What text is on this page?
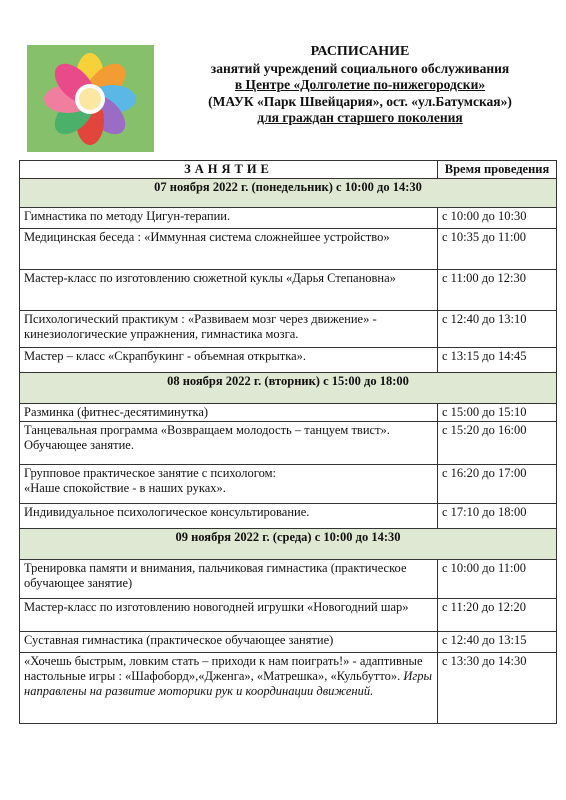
РАСПИСАНИЕ
занятий учреждений социального обслуживания
в Центре «Долголетие по-нижегородски»
(МАУК «Парк Швейцария», ост. «ул.Батумская»)
для граждан старшего поколения
ЗАНЯТИЕ	Время проведения
07 ноября 2022 г. (понедельник) с 10:00 до 14:30	
Гимнастика по методу Цигун-терапии.	с 10:00 до 10:30
Медицинская беседа : «Иммунная система сложнейшее устройство»	с 10:35 до 11:00
Мастер-класс по изготовлению сюжетной куклы «Дарья Степановна»	с 11:00 до 12:30
Психологический практикум : «Развиваем мозг через движение» - кинезиологические упражнения, гимнастика мозга.	с 12:40 до 13:10
Мастер – класс «Скрапбукинг - объемная открытка».	с 13:15 до 14:45
08 ноября 2022 г. (вторник) с 15:00 до 18:00	
Разминка (фитнес-десятиминутка)	с 15:00 до 15:10
Танцевальная программа «Возвращаем молодость – танцуем твист». Обучающее занятие.	с 15:20 до 16:00

Групповое практическое занятие с психологом:
«Наше спокойствие - в наших руках».	с 16:20 до 17:00
Индивидуальное психологическое консультирование.	с 17:10 до 18:00
09 ноября 2022 г. (среда) с 10:00 до 14:30	
Тренировка памяти и внимания, пальчиковая гимнастика (практическое обучающее занятие)	с 10:00 до 11:00
Мастер-класс по изготовлению новогодней игрушки «Новогодний шар»	с 11:20 до 12:20
Суставная гимнастика (практическое обучающее занятие)	с 12:40 до 13:15
«Хочешь быстрым, ловким стать – приходи к нам поиграть!» - адаптивные настольные игры : «Шафоборд»,«Дженга», «Матрешка», «Кульбутто». Игры направлены на развитие моторики рук и координации движений.	с 13:30 до 14:30
